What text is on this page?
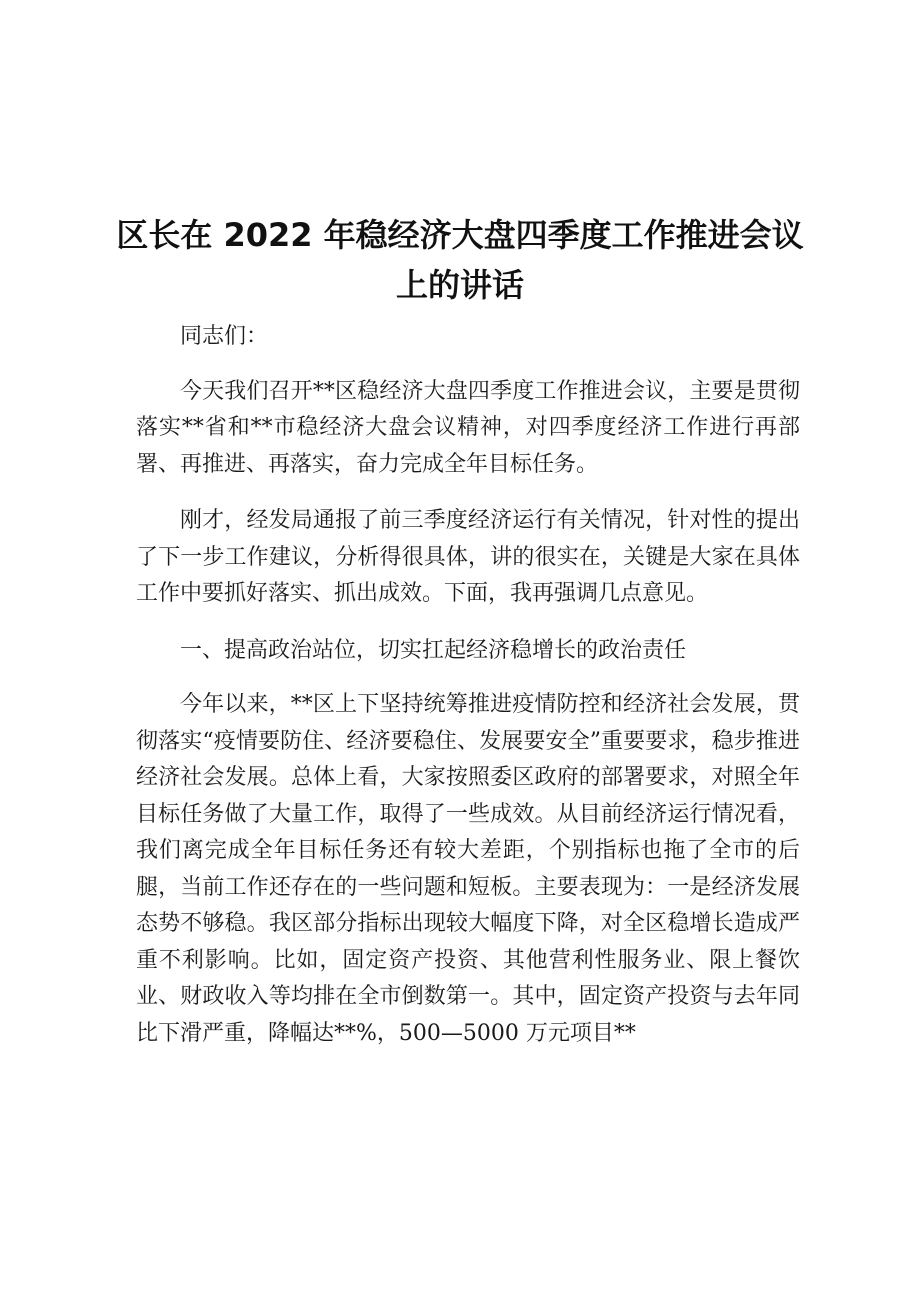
区长在 2022 年稳经济大盘四季度工作推进会议
上的讲话

同志们：

今天我们召开**区稳经济大盘四季度工作推进会议，主要是贯彻落实**省和**市稳经济大盘会议精神，对四季度经济工作进行再部署、再推进、再落实，奋力完成全年目标任务。

刚才，经发局通报了前三季度经济运行有关情况，针对性的提出了下一步工作建议，分析得很具体，讲的很实在，关键是大家在具体工作中要抓好落实、抓出成效。下面，我再强调几点意见。

一、提高政治站位，切实扛起经济稳增长的政治责任

今年以来，**区上下坚持统筹推进疫情防控和经济社会发展，贯彻落实“疫情要防住、经济要稳住、发展要安全”重要要求，稳步推进经济社会发展。总体上看，大家按照委区政府的部署要求，对照全年目标任务做了大量工作，取得了一些成效。从目前经济运行情况看，我们离完成全年目标任务还有较大差距，个别指标也拖了全市的后腿，当前工作还存在的一些问题和短板。主要表现为：一是经济发展态势不够稳。我区部分指标出现较大幅度下降，对全区稳增长造成严重不利影响。比如，固定资产投资、其他营利性服务业、限上餐饮业、财政收入等均排在全市倒数第一。其中，固定资产投资与去年同比下滑严重，降幅达**%，500—5000 万元项目**
